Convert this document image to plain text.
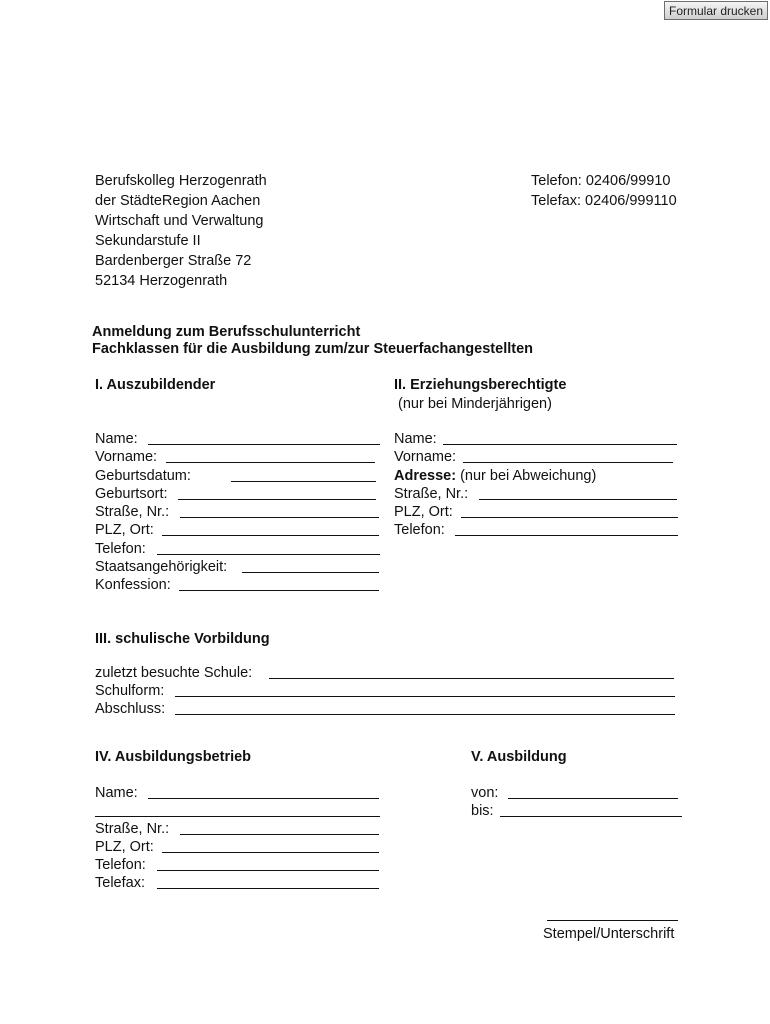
Formular drucken
Berufskolleg Herzogenrath
der StädteRegion Aachen
Wirtschaft und Verwaltung
Sekundarstufe II
Bardenberger Straße 72
52134 Herzogenrath
Telefon: 02406/99910
Telefax: 02406/999110
Anmeldung zum Berufsschulunterricht
Fachklassen für die Ausbildung zum/zur Steuerfachangestellten
I. Auszubildender
Name:
Vorname:
Geburtsdatum:
Geburtsort:
Straße, Nr.:
PLZ, Ort:
Telefon:
Staatsangehörigkeit:
Konfession:
II. Erziehungsberechtigte
(nur bei Minderjährigen)
Name:
Vorname:
Adresse: (nur bei Abweichung)
Straße, Nr.:
PLZ, Ort:
Telefon:
III. schulische Vorbildung
zuletzt besuchte Schule:
Schulform:
Abschluss:
IV. Ausbildungsbetrieb
Name:
Straße, Nr.:
PLZ, Ort:
Telefon:
Telefax:
V. Ausbildung
von:
bis:
Stempel/Unterschrift
